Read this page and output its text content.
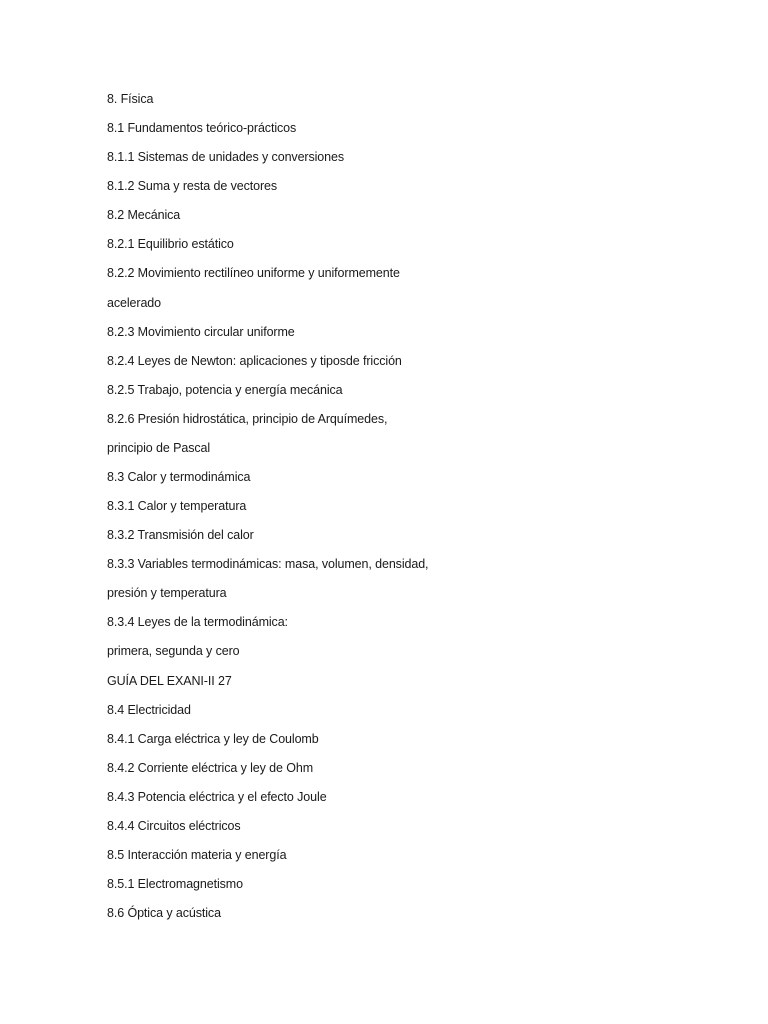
8. Física
8.1 Fundamentos teórico-prácticos
8.1.1 Sistemas de unidades y conversiones
8.1.2 Suma y resta de vectores
8.2 Mecánica
8.2.1 Equilibrio estático
8.2.2 Movimiento rectilíneo uniforme y uniformemente
acelerado
8.2.3 Movimiento circular uniforme
8.2.4 Leyes de Newton: aplicaciones y tiposde fricción
8.2.5 Trabajo, potencia y energía mecánica
8.2.6 Presión hidrostática, principio de Arquímedes,
principio de Pascal
8.3 Calor y termodinámica
8.3.1 Calor y temperatura
8.3.2 Transmisión del calor
8.3.3 Variables termodinámicas: masa, volumen, densidad,
presión y temperatura
8.3.4 Leyes de la termodinámica:
primera, segunda y cero
GUÍA DEL EXANI-II 27
8.4 Electricidad
8.4.1 Carga eléctrica y ley de Coulomb
8.4.2 Corriente eléctrica y ley de Ohm
8.4.3 Potencia eléctrica y el efecto Joule
8.4.4 Circuitos eléctricos
8.5 Interacción materia y energía
8.5.1 Electromagnetismo
8.6 Óptica y acústica
